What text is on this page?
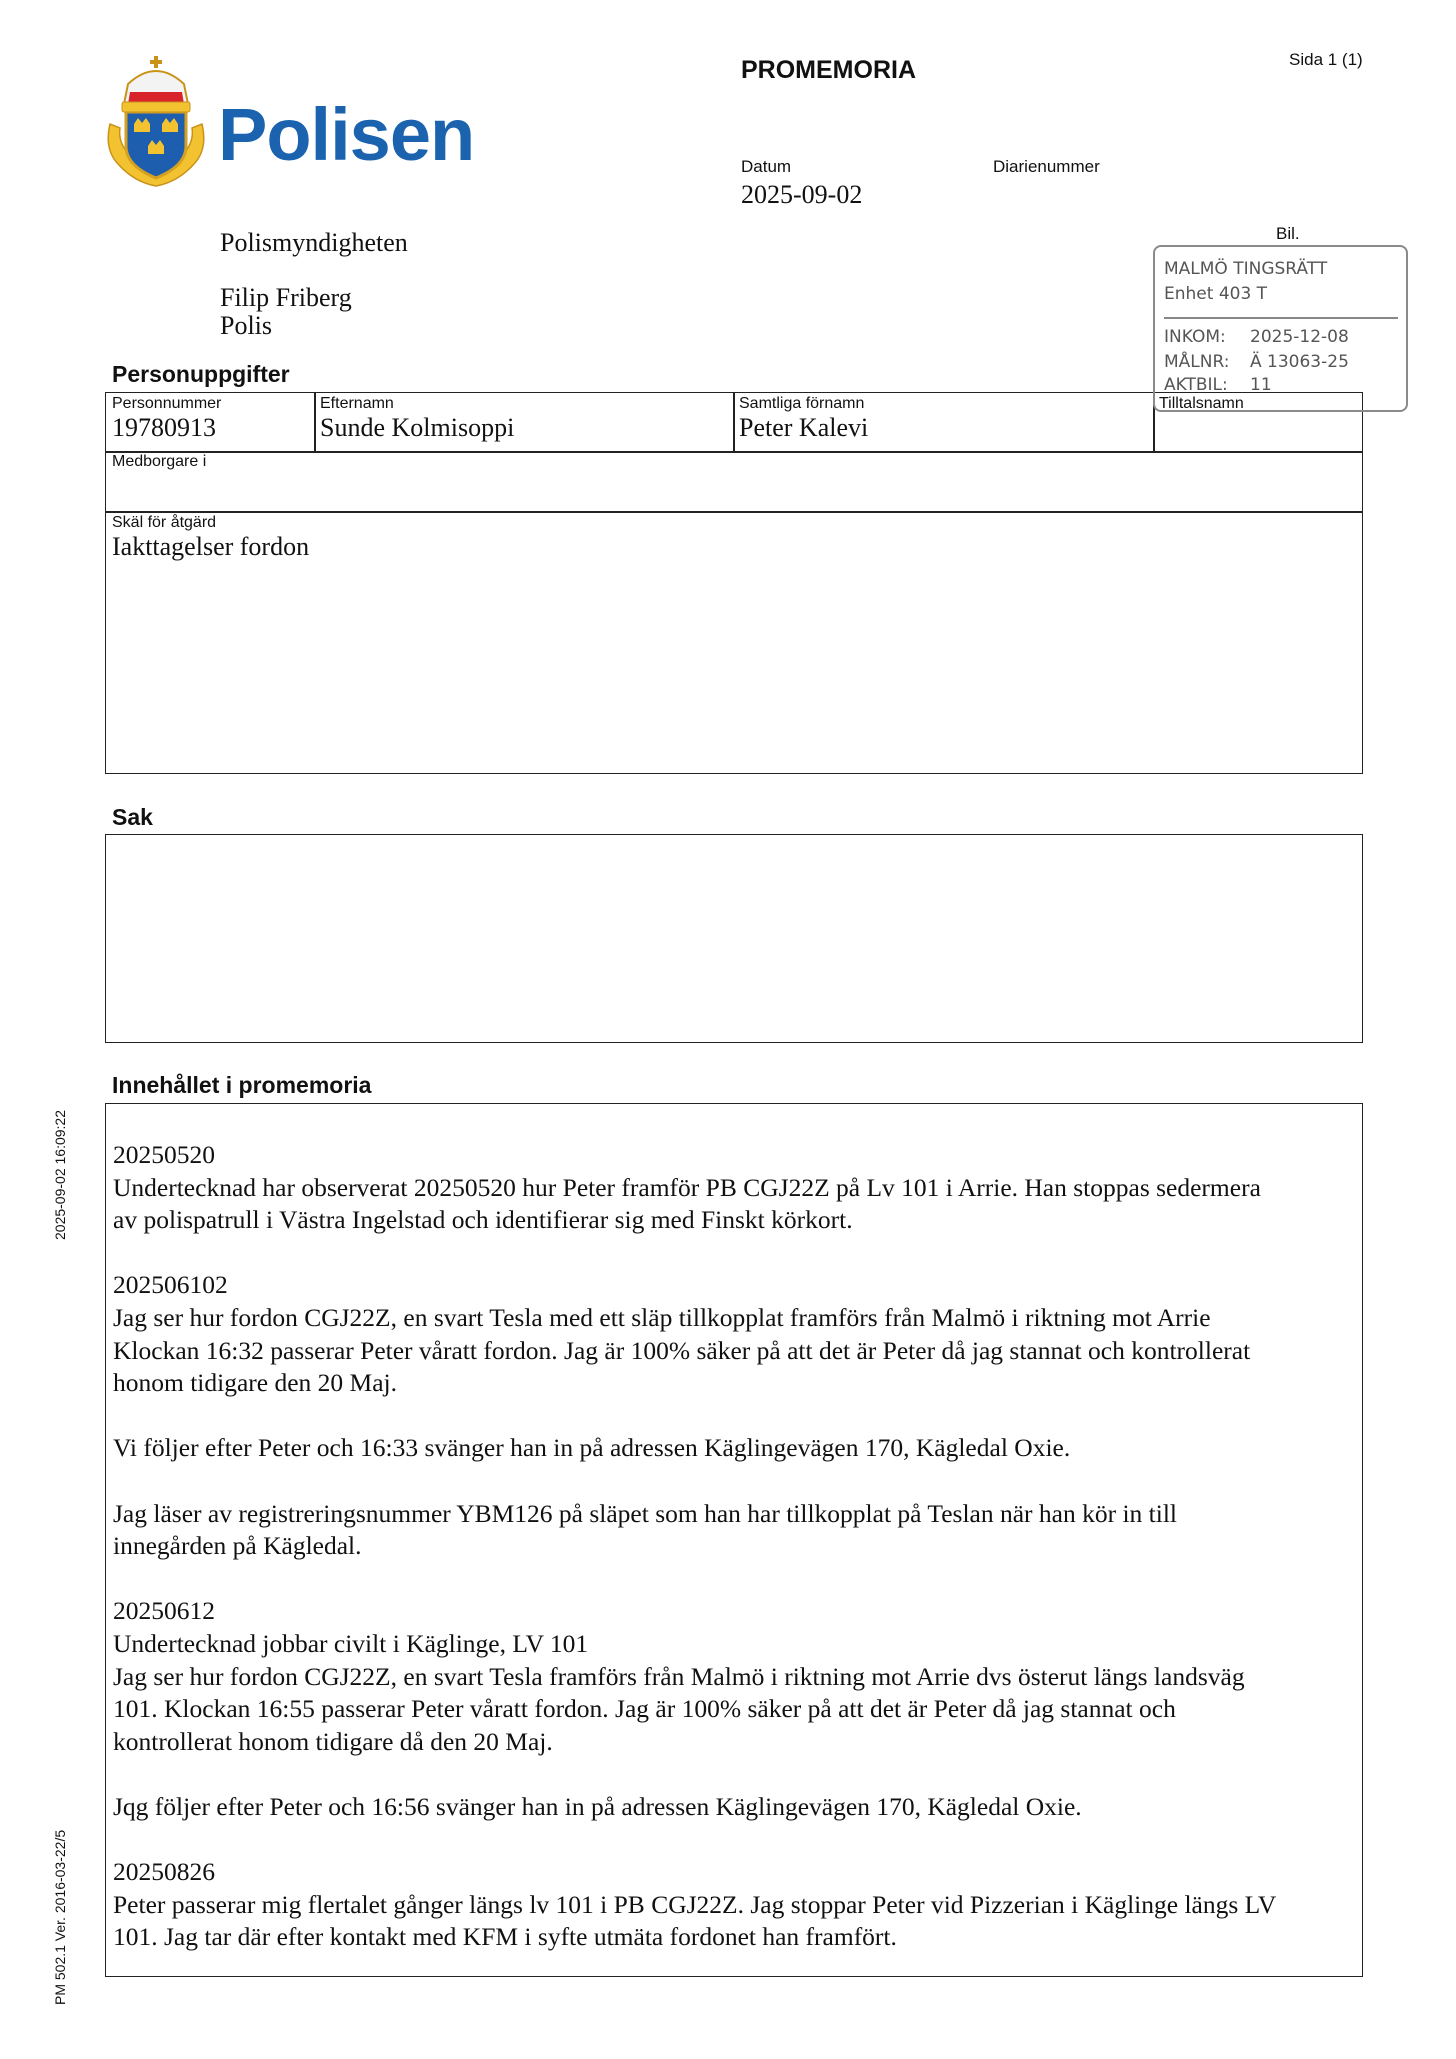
Polisen
PROMEMORIA	Sida 1 (1)
Datum
2025-09-02
Diarienummer
Bil.
Polismyndigheten
Filip Friberg
Polis
Personuppgifter
Personnummer
19780913
Efternamn
Sunde Kolmisoppi
Samtliga förnamn
Peter Kalevi
Tilltalsnamn
Medborgare i
Skäl för åtgärd
Iakttagelser fordon
MALMÖ TINGSRÄTT
Enhet 403 T
INKOM: 2025-12-08
MÅLNR: Ä 13063-25
AKTBIL: 11
Sak
Innehållet i promemoria
20250520
Undertecknad har observerat 20250520 hur Peter framför PB CGJ22Z på Lv 101 i Arrie. Han stoppas sedermera
av polispatrull i Västra Ingelstad och identifierar sig med Finskt körkort.
202506102
Jag ser hur fordon CGJ22Z, en svart Tesla med ett släp tillkopplat framförs från Malmö i riktning mot Arrie
Klockan 16:32 passerar Peter våratt fordon. Jag är 100% säker på att det är Peter då jag stannat och kontrollerat
honom tidigare den 20 Maj.
Vi följer efter Peter och 16:33 svänger han in på adressen Käglingevägen 170, Kägledal Oxie.
Jag läser av registreringsnummer YBM126 på släpet som han har tillkopplat på Teslan när han kör in till
innegården på Kägledal.
20250612
Undertecknad jobbar civilt i Käglinge, LV 101
Jag ser hur fordon CGJ22Z, en svart Tesla framförs från Malmö i riktning mot Arrie dvs österut längs landsväg
101. Klockan 16:55 passerar Peter våratt fordon. Jag är 100% säker på att det är Peter då jag stannat och
kontrollerat honom tidigare då den 20 Maj.
Jqg följer efter Peter och 16:56 svänger han in på adressen Käglingevägen 170, Kägledal Oxie.
20250826
Peter passerar mig flertalet gånger längs lv 101 i PB CGJ22Z. Jag stoppar Peter vid Pizzerian i Käglinge längs LV
101. Jag tar där efter kontakt med KFM i syfte utmäta fordonet han framfört.
2025-09-02 16:09:22
PM 502.1 Ver. 2016-03-22/5
